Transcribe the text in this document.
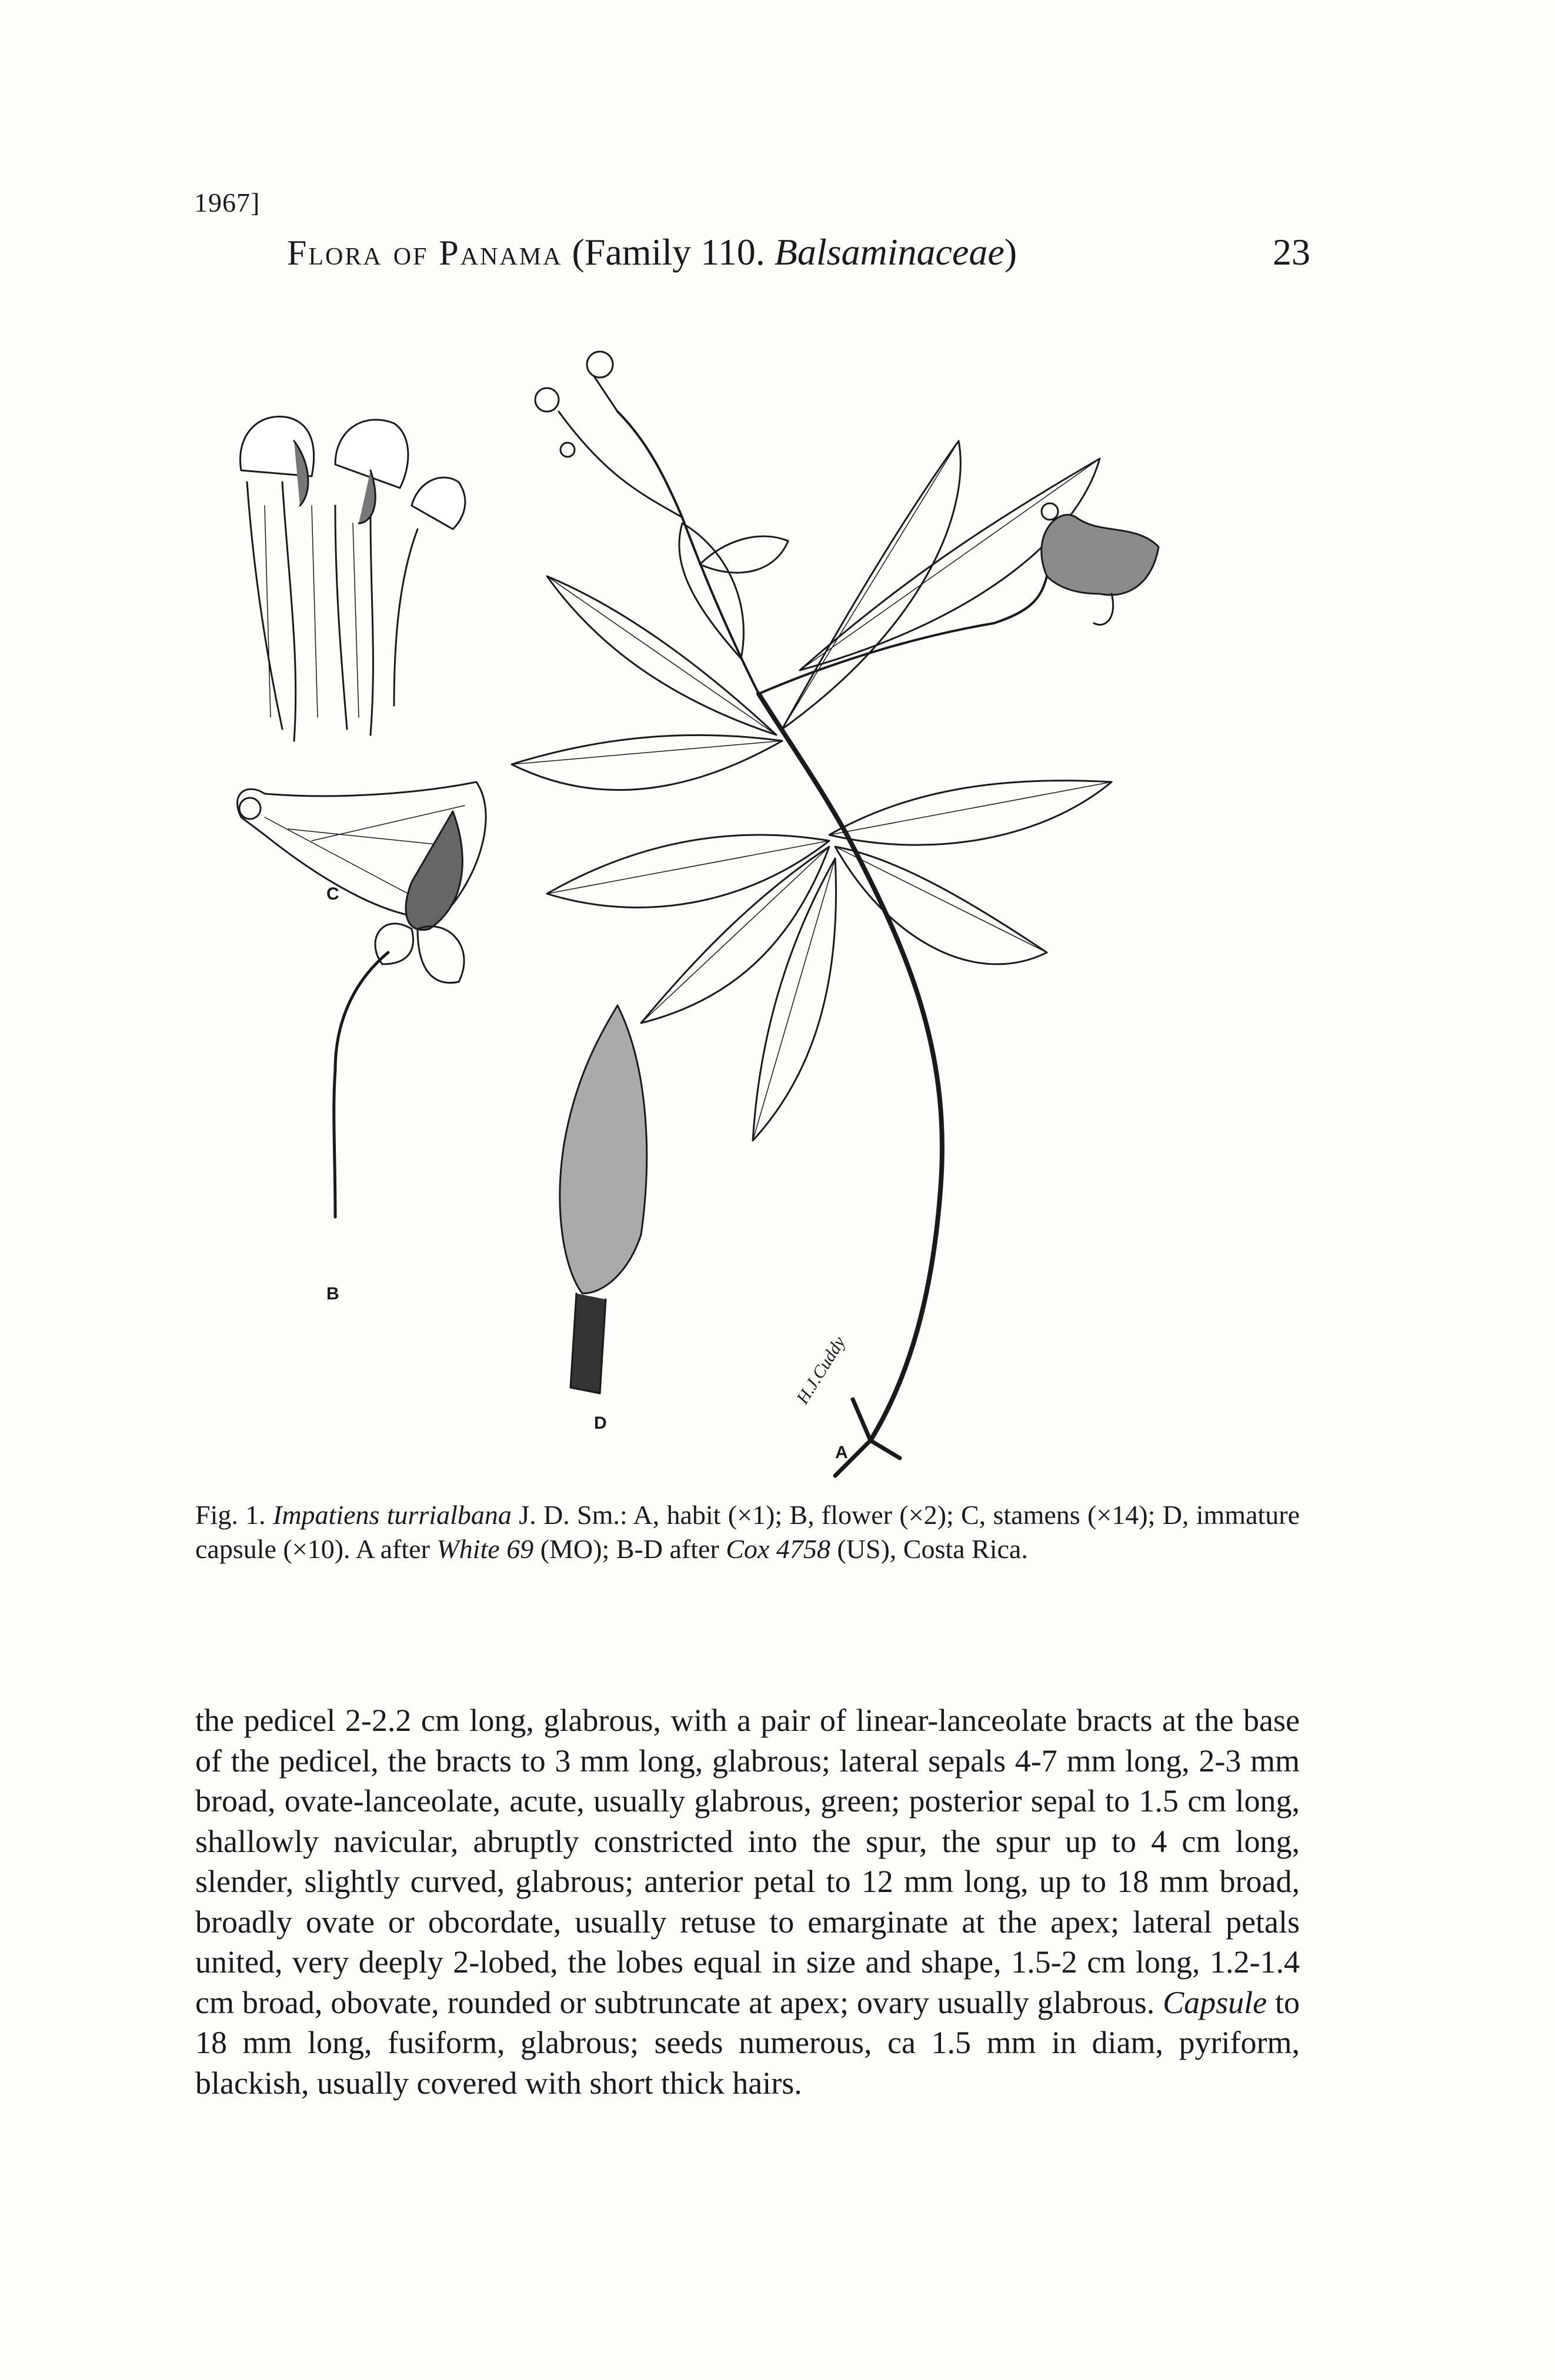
1967]
Flora of Panama (Family 110. Balsaminaceae)	23
C
B
D
A
H.J.Cuddy
Fig. 1. Impatiens turrialbana J. D. Sm.: A, habit (×1); B, flower (×2); C, stamens (×14); D, immature capsule (×10). A after White 69 (MO); B-D after Cox 4758 (US), Costa Rica.
the pedicel 2-2.2 cm long, glabrous, with a pair of linear-lanceolate bracts at the base of the pedicel, the bracts to 3 mm long, glabrous; lateral sepals 4-7 mm long, 2-3 mm broad, ovate-lanceolate, acute, usually glabrous, green; posterior sepal to 1.5 cm long, shallowly navicular, abruptly constricted into the spur, the spur up to 4 cm long, slender, slightly curved, glabrous; anterior petal to 12 mm long, up to 18 mm broad, broadly ovate or obcordate, usually retuse to emarginate at the apex; lateral petals united, very deeply 2-lobed, the lobes equal in size and shape, 1.5-2 cm long, 1.2-1.4 cm broad, obovate, rounded or subtruncate at apex; ovary usually glabrous. Capsule to 18 mm long, fusiform, glabrous; seeds numerous, ca 1.5 mm in diam, pyriform, blackish, usually covered with short thick hairs.
